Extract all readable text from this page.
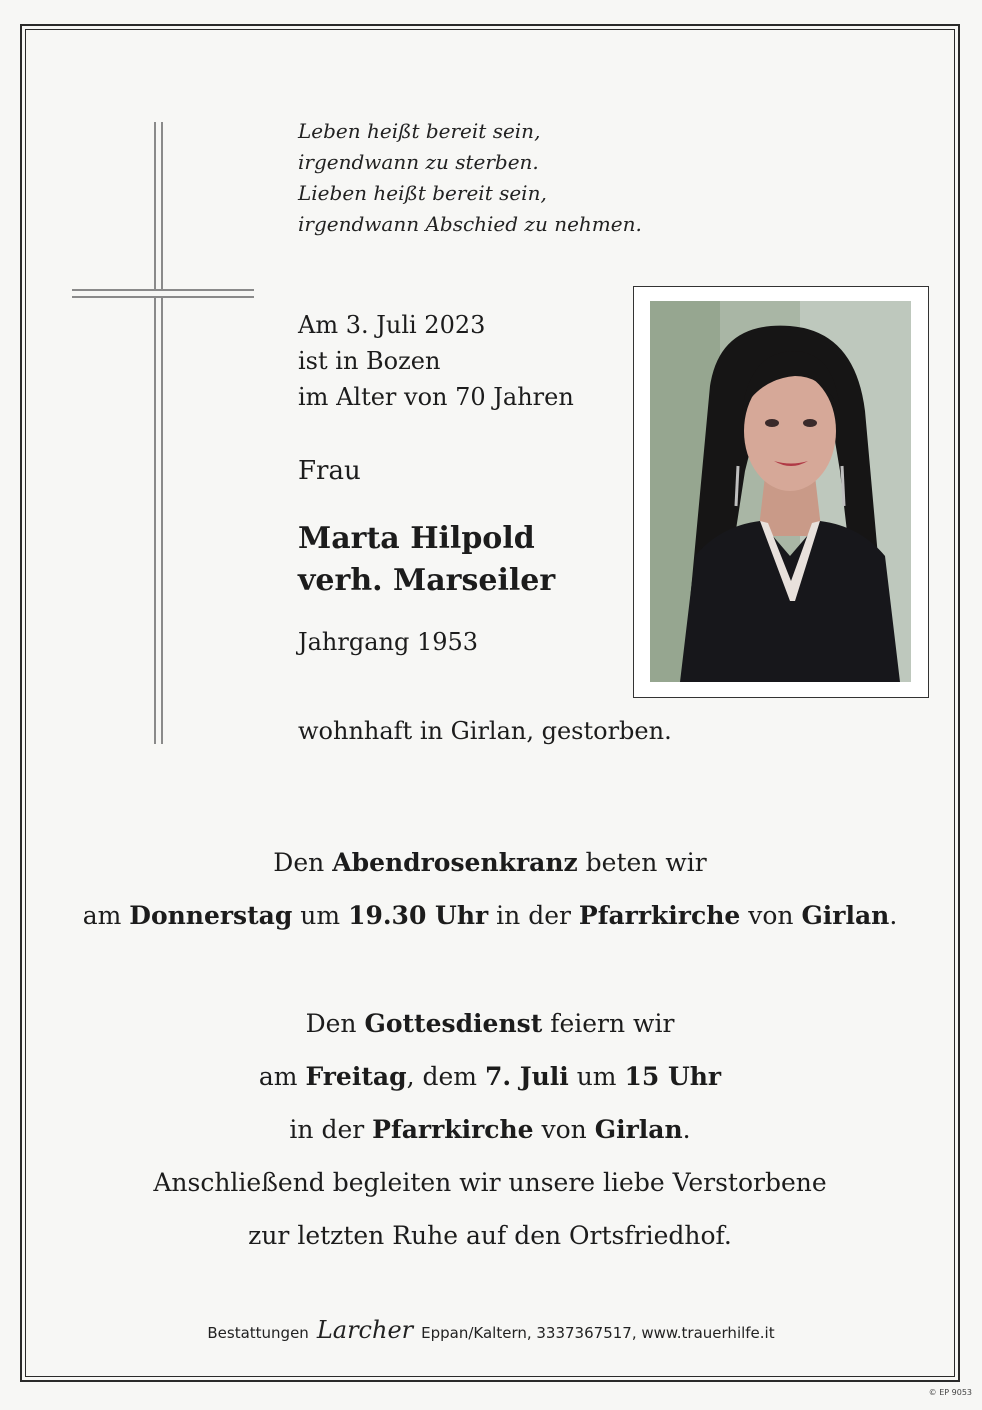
Leben heißt bereit sein,
irgendwann zu sterben.
Lieben heißt bereit sein,
irgendwann Abschied zu nehmen.
Am 3. Juli 2023
ist in Bozen
im Alter von 70 Jahren
Frau
Marta Hilpold
verh. Marseiler
Jahrgang 1953
wohnhaft in Girlan, gestorben.
Den Abendrosenkranz beten wir
am Donnerstag um 19.30 Uhr in der Pfarrkirche von Girlan.
Den Gottesdienst feiern wir
am Freitag, dem 7. Juli um 15 Uhr
in der Pfarrkirche von Girlan.
Anschließend begleiten wir unsere liebe Verstorbene
zur letzten Ruhe auf den Ortsfriedhof.
Bestattungen Larcher Eppan/Kaltern, 3337367517, www.trauerhilfe.it
© EP 9053
